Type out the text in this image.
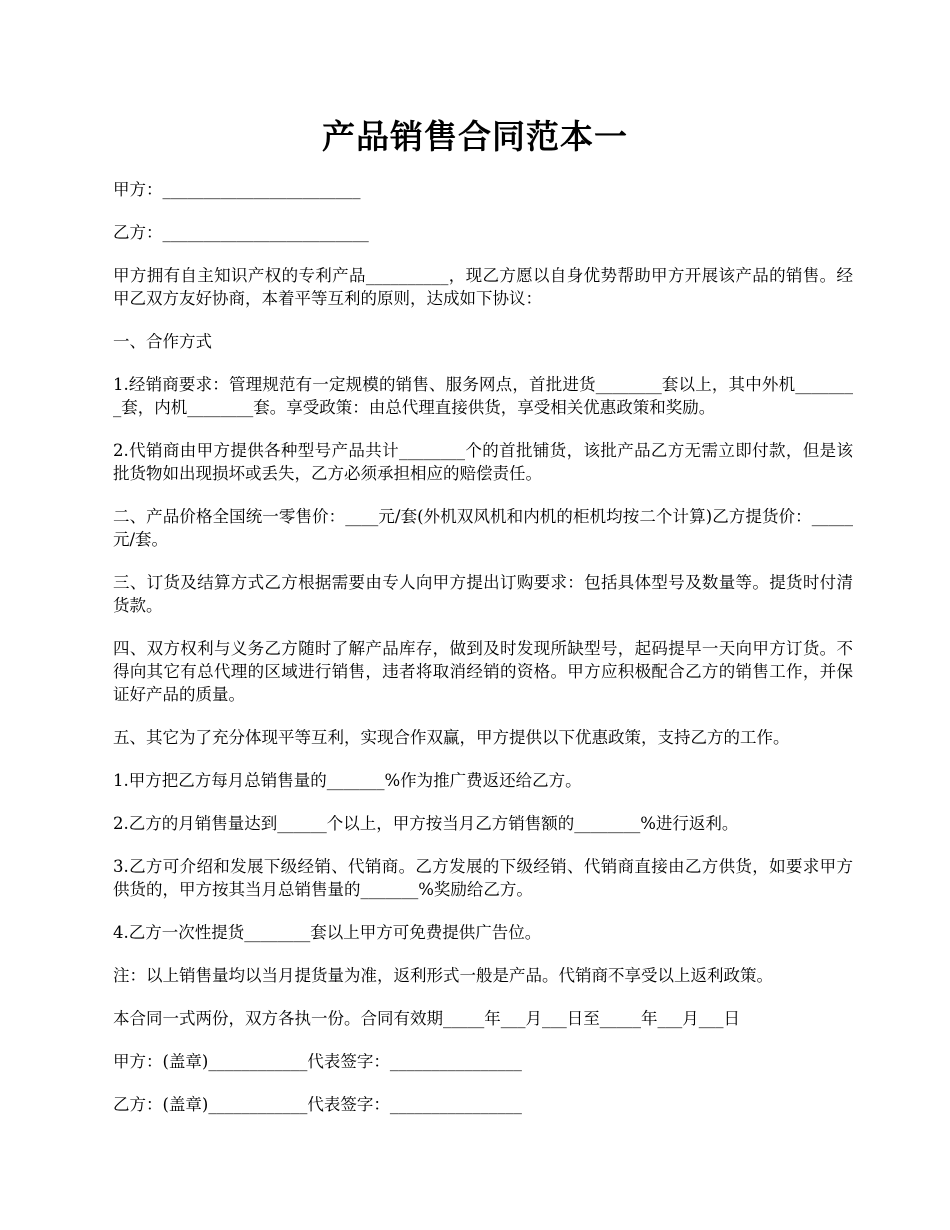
产品销售合同范本一

甲方：________________________

乙方：_________________________

甲方拥有自主知识产权的专利产品__________，现乙方愿以自身优势帮助甲方开展该产品的销售。经甲乙双方友好协商，本着平等互利的原则，达成如下协议：

一、合作方式

1.经销商要求：管理规范有一定规模的销售、服务网点，首批进货________套以上，其中外机________套，内机________套。享受政策：由总代理直接供货，享受相关优惠政策和奖励。

2.代销商由甲方提供各种型号产品共计________个的首批铺货，该批产品乙方无需立即付款，但是该批货物如出现损坏或丢失，乙方必须承担相应的赔偿责任。

二、产品价格全国统一零售价：____元/套(外机双风机和内机的柜机均按二个计算)乙方提货价：_____元/套。

三、订货及结算方式乙方根据需要由专人向甲方提出订购要求：包括具体型号及数量等。提货时付清货款。

四、双方权利与义务乙方随时了解产品库存，做到及时发现所缺型号，起码提早一天向甲方订货。不得向其它有总代理的区域进行销售，违者将取消经销的资格。甲方应积极配合乙方的销售工作，并保证好产品的质量。

五、其它为了充分体现平等互利，实现合作双赢，甲方提供以下优惠政策，支持乙方的工作。

1.甲方把乙方每月总销售量的_______%作为推广费返还给乙方。

2.乙方的月销售量达到______个以上，甲方按当月乙方销售额的________%进行返利。

3.乙方可介绍和发展下级经销、代销商。乙方发展的下级经销、代销商直接由乙方供货，如要求甲方供货的，甲方按其当月总销售量的_______%奖励给乙方。

4.乙方一次性提货________套以上甲方可免费提供广告位。

注：以上销售量均以当月提货量为准，返利形式一般是产品。代销商不享受以上返利政策。

本合同一式两份，双方各执一份。合同有效期_____年___月___日至_____年___月___日

甲方：(盖章)____________代表签字：________________

乙方：(盖章)____________代表签字：________________
